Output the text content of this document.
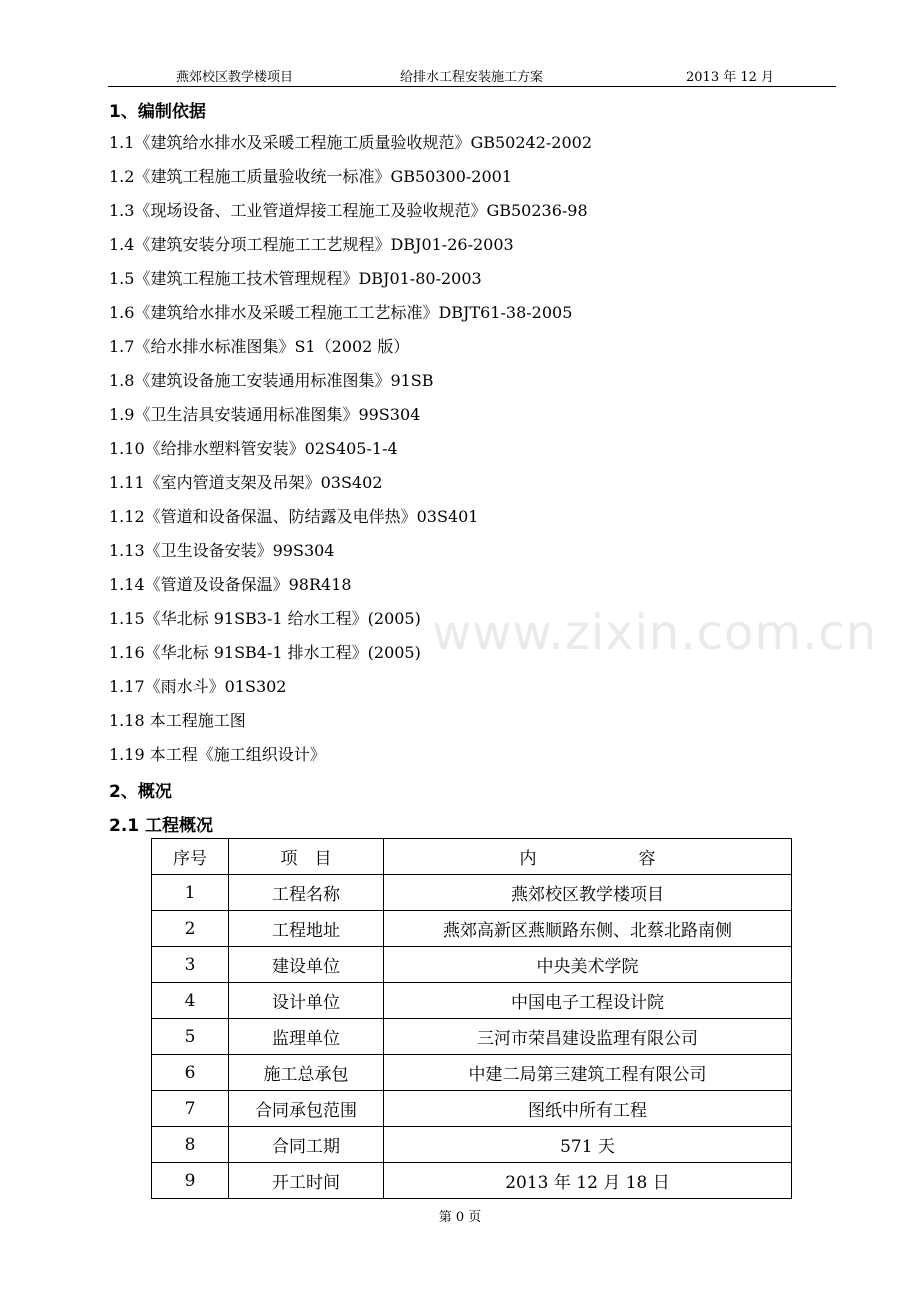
燕郊校区教学楼项目	给排水工程安装施工方案	2013 年 12 月
1、编制依据
1.1《建筑给水排水及采暖工程施工质量验收规范》GB50242-2002
1.2《建筑工程施工质量验收统一标准》GB50300-2001
1.3《现场设备、工业管道焊接工程施工及验收规范》GB50236-98
1.4《建筑安装分项工程施工工艺规程》DBJ01-26-2003
1.5《建筑工程施工技术管理规程》DBJ01-80-2003
1.6《建筑给水排水及采暖工程施工工艺标准》DBJT61-38-2005
1.7《给水排水标准图集》S1（2002 版）
1.8《建筑设备施工安装通用标准图集》91SB
1.9《卫生洁具安装通用标准图集》99S304
1.10《给排水塑料管安装》02S405-1-4
1.11《室内管道支架及吊架》03S402
1.12《管道和设备保温、防结露及电伴热》03S401
1.13《卫生设备安装》99S304
1.14《管道及设备保温》98R418
1.15《华北标 91SB3-1 给水工程》(2005)
1.16《华北标 91SB4-1 排水工程》(2005)
1.17《雨水斗》01S302
1.18 本工程施工图
1.19 本工程《施工组织设计》
2、概况
2.1 工程概况
序号	项　目	内　　　　　　容
1	工程名称	燕郊校区教学楼项目
2	工程地址	燕郊高新区燕顺路东侧、北蔡北路南侧
3	建设单位	中央美术学院
4	设计单位	中国电子工程设计院
5	监理单位	三河市荣昌建设监理有限公司
6	施工总承包	中建二局第三建筑工程有限公司
7	合同承包范围	图纸中所有工程
8	合同工期	571 天
9	开工时间	2013 年 12 月 18 日
第 0 页
www.zixin.com.cn
